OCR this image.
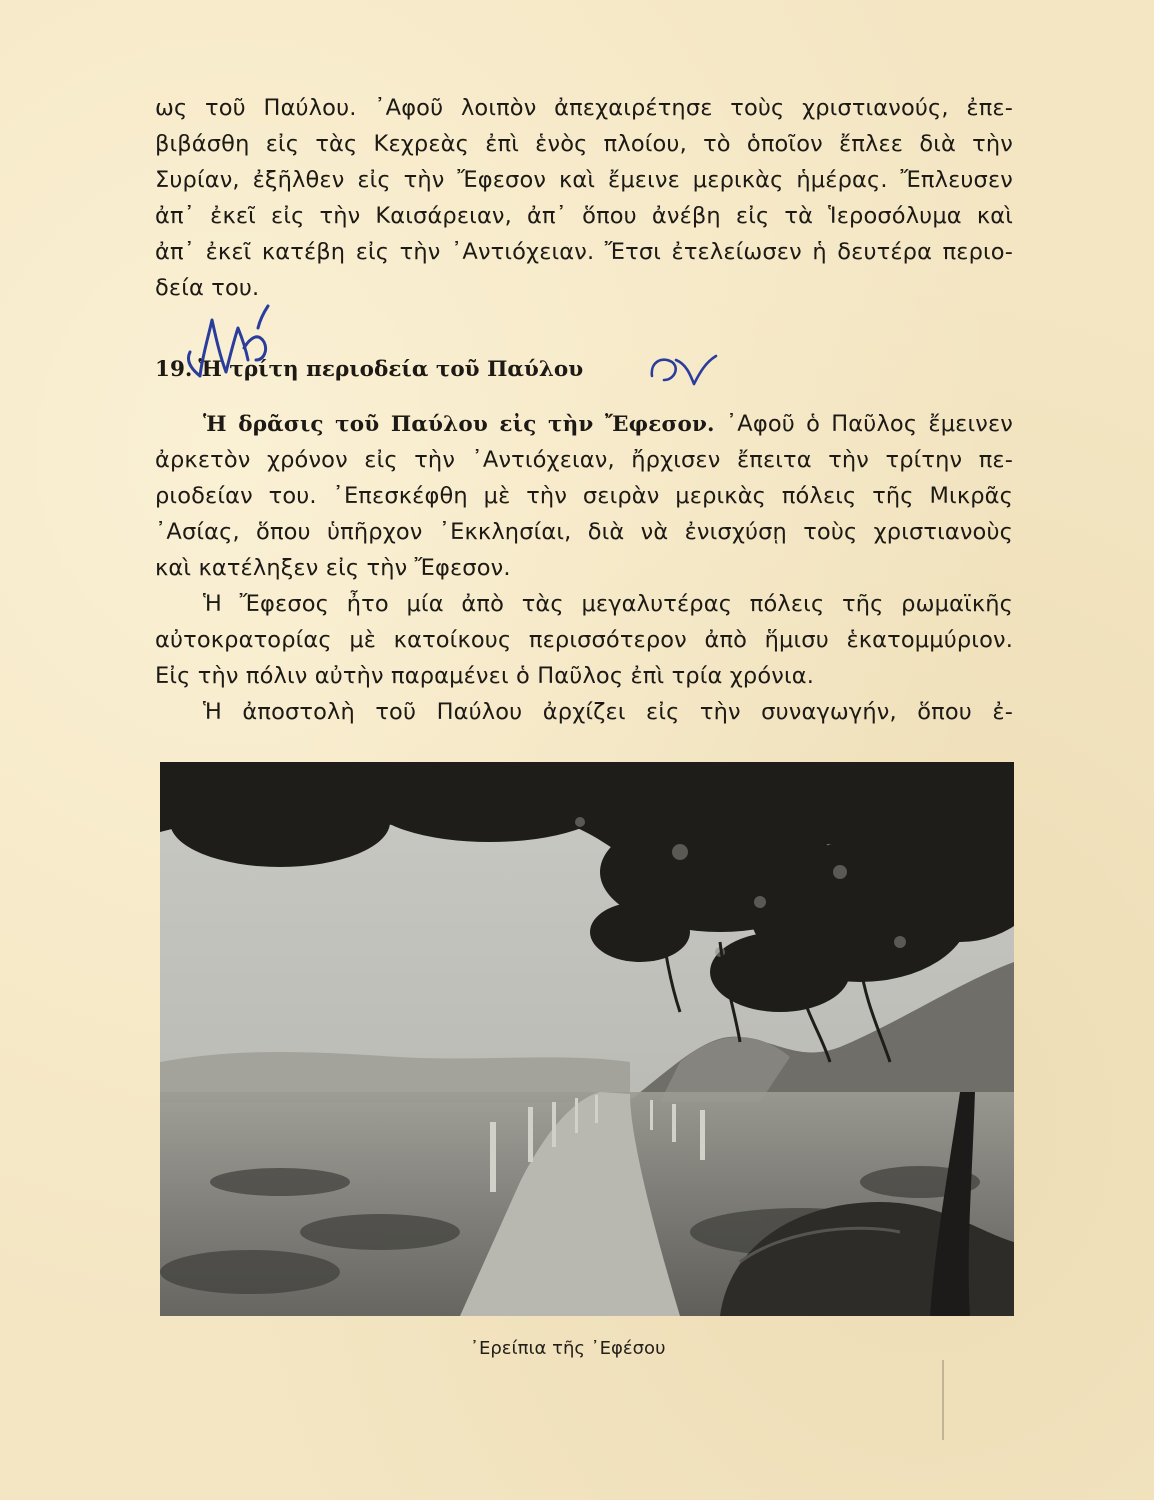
ως τοῦ Παύλου. ᾽Αφοῦ λοιπὸν ἀπεχαιρέτησε τοὺς χριστιανούς, ἐπε-
βιβάσθη εἰς τὰς Κεχρεὰς ἐπὶ ἑνὸς πλοίου, τὸ ὁποῖον ἔπλεε διὰ τὴν
Συρίαν, ἐξῆλθεν εἰς τὴν Ἔφεσον καὶ ἔμεινε μερικὰς ἡμέρας. Ἔπλευσεν
ἀπ᾽ ἐκεῖ εἰς τὴν Καισάρειαν, ἀπ᾽ ὅπου ἀνέβη εἰς τὰ Ἱεροσόλυμα καὶ
ἀπ᾽ ἐκεῖ κατέβη εἰς τὴν ᾽Αντιόχειαν. Ἔτσι ἐτελείωσεν ἡ δευτέρα περιο-
δεία του.
19. Ἡ τρίτη περιοδεία τοῦ Παύλου
Ἡ δρᾶσις τοῦ Παύλου εἰς τὴν Ἔφεσον. ᾽Αφοῦ ὁ Παῦλος ἔμεινεν
ἀρκετὸν χρόνον εἰς τὴν ᾽Αντιόχειαν, ἤρχισεν ἔπειτα τὴν τρίτην πε-
ριοδείαν του. ᾽Επεσκέφθη μὲ τὴν σειρὰν μερικὰς πόλεις τῆς Μικρᾶς
᾽Ασίας, ὅπου ὑπῆρχον ᾽Εκκλησίαι, διὰ νὰ ἐνισχύσῃ τοὺς χριστιανοὺς
καὶ κατέληξεν εἰς τὴν Ἔφεσον.
Ἡ Ἔφεσος ἦτο μία ἀπὸ τὰς μεγαλυτέρας πόλεις τῆς ρωμαϊκῆς
αὐτοκρατορίας μὲ κατοίκους περισσότερον ἀπὸ ἥμισυ ἑκατομμύριον.
Εἰς τὴν πόλιν αὐτὴν παραμένει ὁ Παῦλος ἐπὶ τρία χρόνια.
Ἡ ἀποστολὴ τοῦ Παύλου ἀρχίζει εἰς τὴν συναγωγήν, ὅπου ἐ-
᾽Ερείπια τῆς ᾽Εφέσου
